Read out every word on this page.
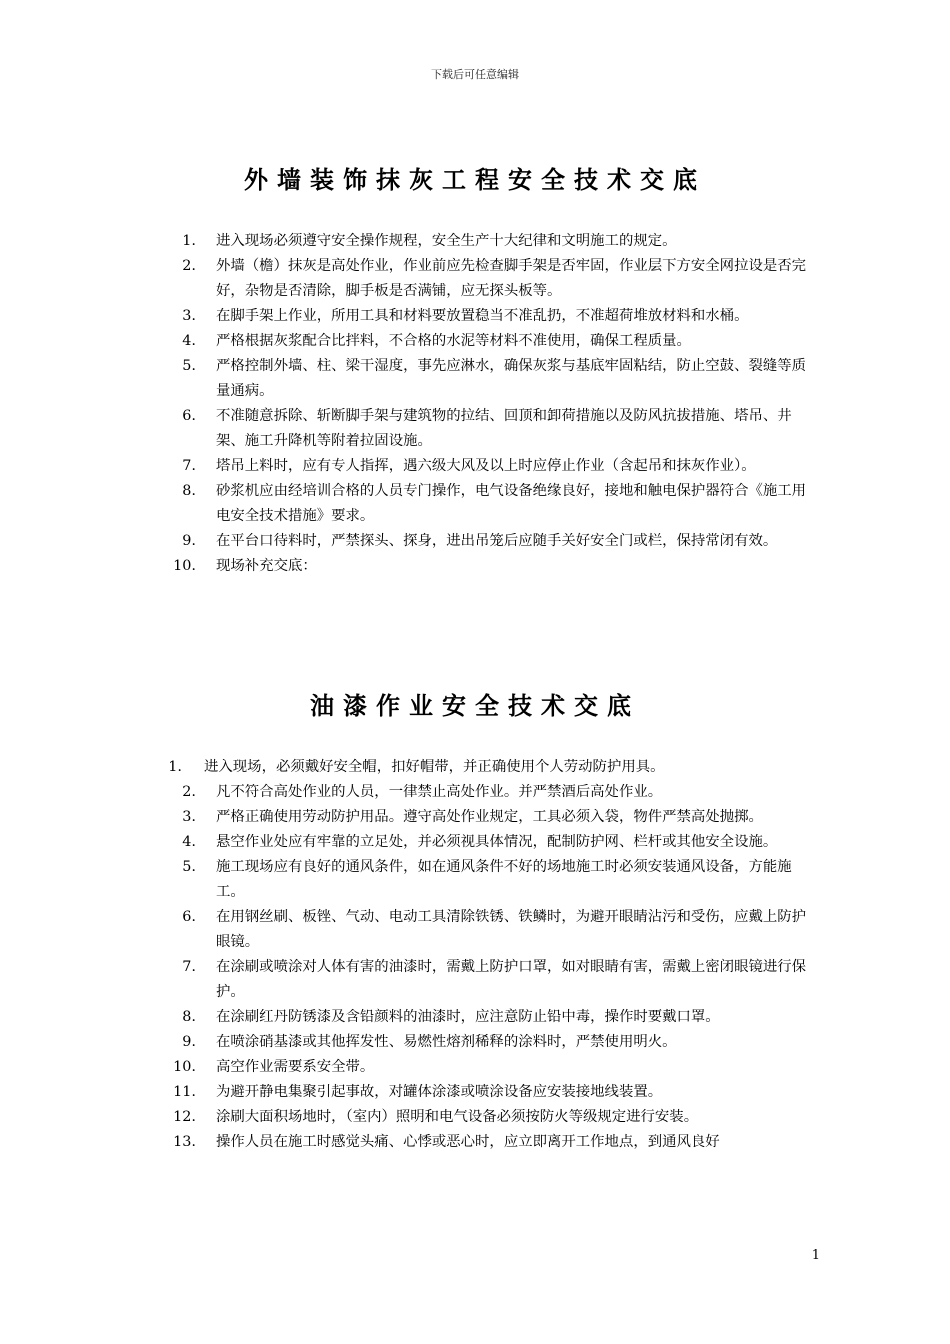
下载后可任意编辑
外墙装饰抹灰工程安全技术交底
1. 进入现场必须遵守安全操作规程，安全生产十大纪律和文明施工的规定。
2. 外墙（檐）抹灰是高处作业，作业前应先检查脚手架是否牢固，作业层下方安全网拉设是否完好，杂物是否清除，脚手板是否满铺，应无探头板等。
3. 在脚手架上作业，所用工具和材料要放置稳当不准乱扔，不准超荷堆放材料和水桶。
4. 严格根据灰浆配合比拌料，不合格的水泥等材料不准使用，确保工程质量。
5. 严格控制外墙、柱、梁干湿度，事先应淋水，确保灰浆与基底牢固粘结，防止空鼓、裂缝等质量通病。
6. 不准随意拆除、斩断脚手架与建筑物的拉结、回顶和卸荷措施以及防风抗拔措施、塔吊、井架、施工升降机等附着拉固设施。
7. 塔吊上料时，应有专人指挥，遇六级大风及以上时应停止作业（含起吊和抹灰作业）。
8. 砂浆机应由经培训合格的人员专门操作，电气设备绝缘良好，接地和触电保护器符合《施工用电安全技术措施》要求。
9. 在平台口待料时，严禁探头、探身，进出吊笼后应随手关好安全门或栏，保持常闭有效。
10. 现场补充交底：
油漆作业安全技术交底
1. 进入现场，必须戴好安全帽，扣好帽带，并正确使用个人劳动防护用具。
2. 凡不符合高处作业的人员，一律禁止高处作业。并严禁酒后高处作业。
3. 严格正确使用劳动防护用品。遵守高处作业规定，工具必须入袋，物件严禁高处抛掷。
4. 悬空作业处应有牢靠的立足处，并必须视具体情况，配制防护网、栏杆或其他安全设施。
5. 施工现场应有良好的通风条件，如在通风条件不好的场地施工时必须安装通风设备，方能施工。
6. 在用钢丝刷、板锉、气动、电动工具清除铁锈、铁鳞时，为避开眼睛沾污和受伤，应戴上防护眼镜。
7. 在涂刷或喷涂对人体有害的油漆时，需戴上防护口罩，如对眼睛有害，需戴上密闭眼镜进行保护。
8. 在涂刷红丹防锈漆及含铅颜料的油漆时，应注意防止铅中毒，操作时要戴口罩。
9. 在喷涂硝基漆或其他挥发性、易燃性熔剂稀释的涂料时，严禁使用明火。
10. 高空作业需要系安全带。
11. 为避开静电集聚引起事故，对罐体涂漆或喷涂设备应安装接地线装置。
12. 涂刷大面积场地时，（室内）照明和电气设备必须按防火等级规定进行安装。
13. 操作人员在施工时感觉头痛、心悸或恶心时，应立即离开工作地点，到通风良好
1
